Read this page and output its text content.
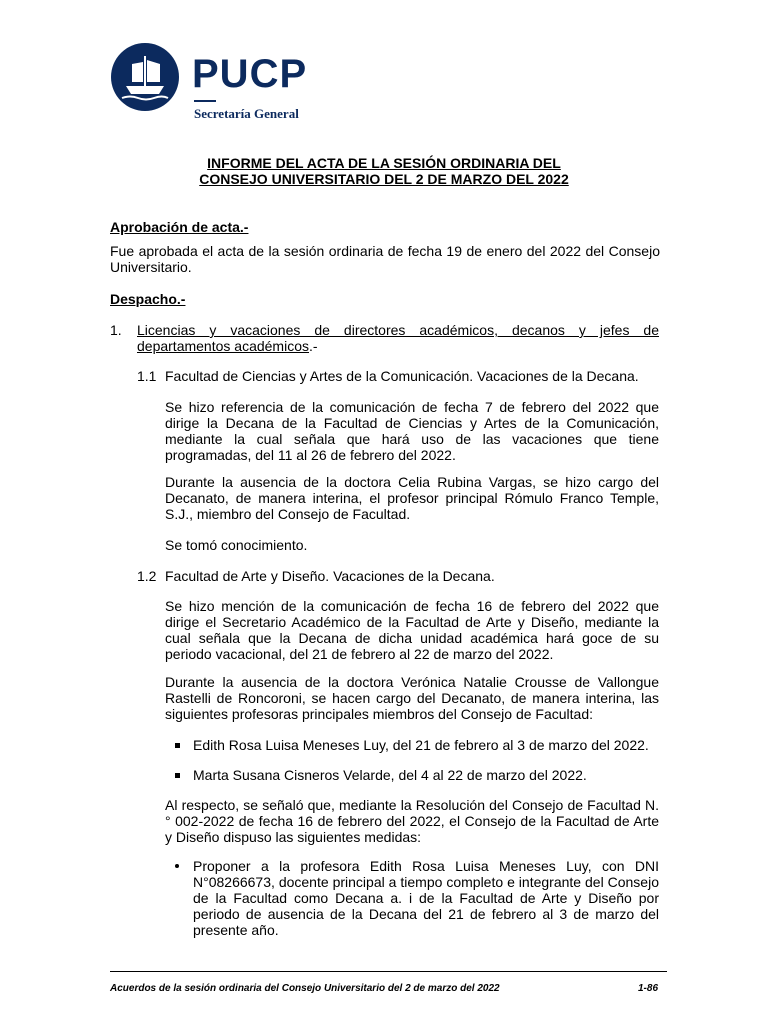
PUCP
Secretaría General
INFORME DEL ACTA DE LA SESIÓN ORDINARIA DEL
CONSEJO UNIVERSITARIO DEL 2 DE MARZO DEL 2022
Aprobación de acta.-
Fue aprobada el acta de la sesión ordinaria de fecha 19 de enero del 2022 del Consejo Universitario.
Despacho.-
1. Licencias y vacaciones de directores académicos, decanos y jefes de departamentos académicos.-
1.1 Facultad de Ciencias y Artes de la Comunicación. Vacaciones de la Decana.
Se hizo referencia de la comunicación de fecha 7 de febrero del 2022 que dirige la Decana de la Facultad de Ciencias y Artes de la Comunicación, mediante la cual señala que hará uso de las vacaciones que tiene programadas, del 11 al 26 de febrero del 2022.
Durante la ausencia de la doctora Celia Rubina Vargas, se hizo cargo del Decanato, de manera interina, el profesor principal Rómulo Franco Temple, S.J., miembro del Consejo de Facultad.
Se tomó conocimiento.
1.2 Facultad de Arte y Diseño. Vacaciones de la Decana.
Se hizo mención de la comunicación de fecha 16 de febrero del 2022 que dirige el Secretario Académico de la Facultad de Arte y Diseño, mediante la cual señala que la Decana de dicha unidad académica hará goce de su periodo vacacional, del 21 de febrero al 22 de marzo del 2022.
Durante la ausencia de la doctora Verónica Natalie Crousse de Vallongue Rastelli de Roncoroni, se hacen cargo del Decanato, de manera interina, las siguientes profesoras principales miembros del Consejo de Facultad:
Edith Rosa Luisa Meneses Luy, del 21 de febrero al 3 de marzo del 2022.
Marta Susana Cisneros Velarde, del 4 al 22 de marzo del 2022.
Al respecto, se señaló que, mediante la Resolución del Consejo de Facultad N.° 002-2022 de fecha 16 de febrero del 2022, el Consejo de la Facultad de Arte y Diseño dispuso las siguientes medidas:
Proponer a la profesora Edith Rosa Luisa Meneses Luy, con DNI N°08266673, docente principal a tiempo completo e integrante del Consejo de la Facultad como Decana a. i de la Facultad de Arte y Diseño por periodo de ausencia de la Decana del 21 de febrero al 3 de marzo del presente año.
Acuerdos de la sesión ordinaria del Consejo Universitario del 2 de marzo del 2022	1-86
